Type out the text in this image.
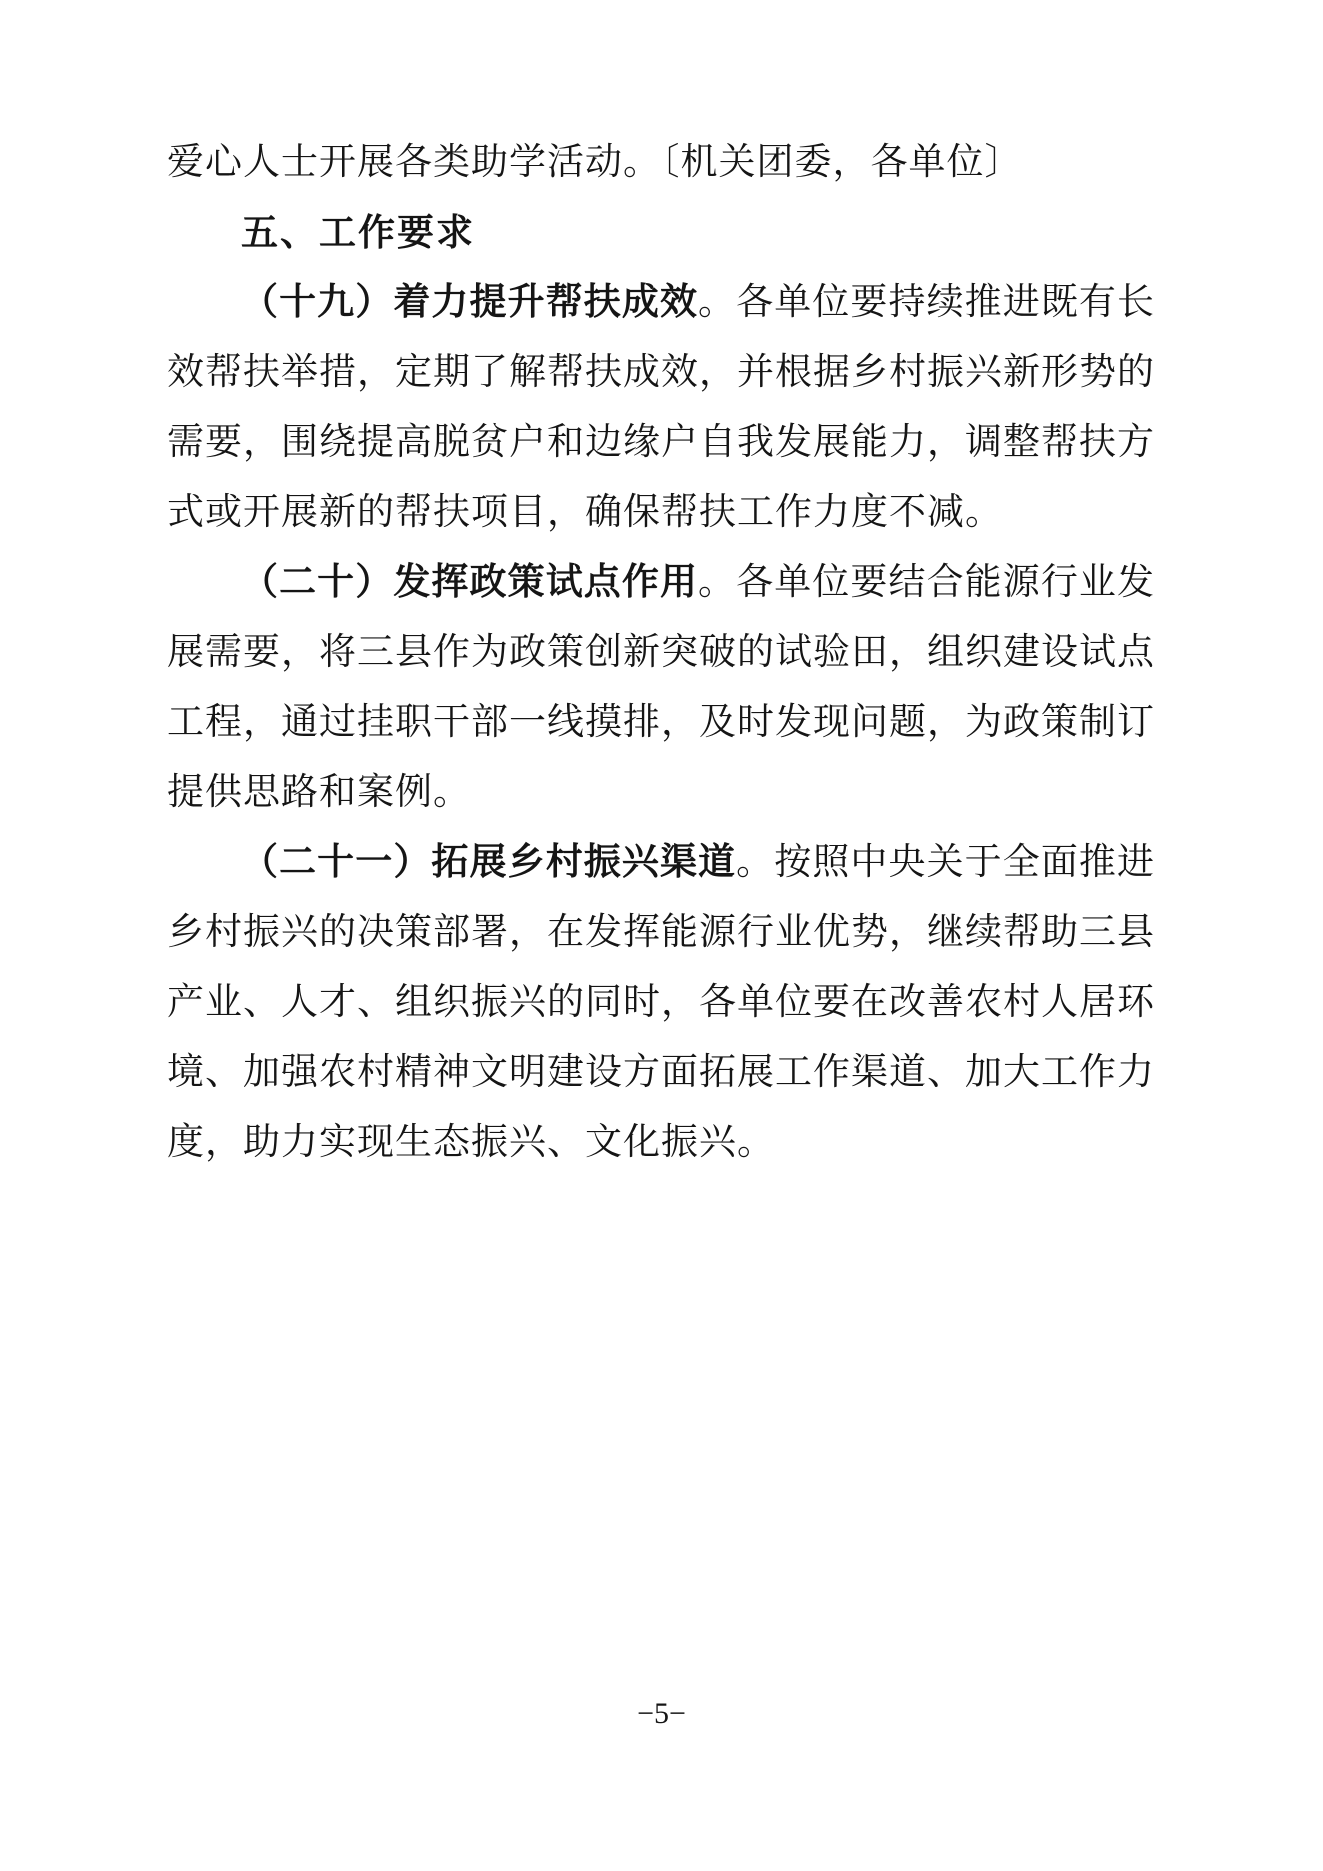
爱心人士开展各类助学活动。〔机关团委，各单位〕

五、工作要求

（十九）着力提升帮扶成效。各单位要持续推进既有长效帮扶举措，定期了解帮扶成效，并根据乡村振兴新形势的需要，围绕提高脱贫户和边缘户自我发展能力，调整帮扶方式或开展新的帮扶项目，确保帮扶工作力度不减。

（二十）发挥政策试点作用。各单位要结合能源行业发展需要，将三县作为政策创新突破的试验田，组织建设试点工程，通过挂职干部一线摸排，及时发现问题，为政策制订提供思路和案例。

（二十一）拓展乡村振兴渠道。按照中央关于全面推进乡村振兴的决策部署，在发挥能源行业优势，继续帮助三县产业、人才、组织振兴的同时，各单位要在改善农村人居环境、加强农村精神文明建设方面拓展工作渠道、加大工作力度，助力实现生态振兴、文化振兴。

−5−
